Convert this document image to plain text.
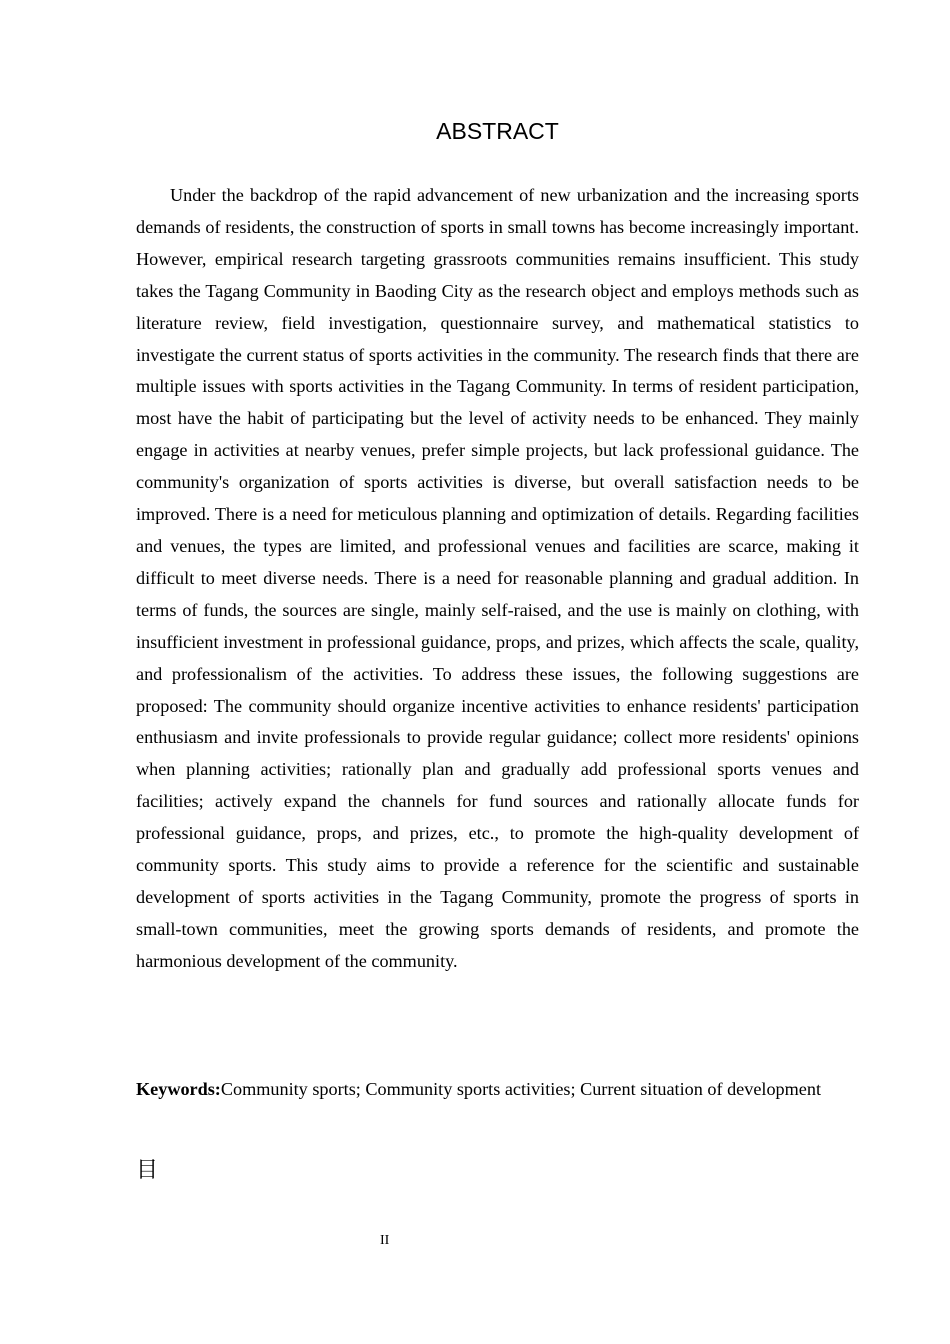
ABSTRACT

Under the backdrop of the rapid advancement of new urbanization and the increasing sports demands of residents, the construction of sports in small towns has become increasingly important. However, empirical research targeting grassroots communities remains insufficient. This study takes the Tagang Community in Baoding City as the research object and employs methods such as literature review, field investigation, questionnaire survey, and mathematical statistics to investigate the current status of sports activities in the community. The research finds that there are multiple issues with sports activities in the Tagang Community. In terms of resident participation, most have the habit of participating but the level of activity needs to be enhanced. They mainly engage in activities at nearby venues, prefer simple projects, but lack professional guidance. The community's organization of sports activities is diverse, but overall satisfaction needs to be improved. There is a need for meticulous planning and optimization of details. Regarding facilities and venues, the types are limited, and professional venues and facilities are scarce, making it difficult to meet diverse needs. There is a need for reasonable planning and gradual addition. In terms of funds, the sources are single, mainly self-raised, and the use is mainly on clothing, with insufficient investment in professional guidance, props, and prizes, which affects the scale, quality, and professionalism of the activities. To address these issues, the following suggestions are proposed: The community should organize incentive activities to enhance residents' participation enthusiasm and invite professionals to provide regular guidance; collect more residents' opinions when planning activities; rationally plan and gradually add professional sports venues and facilities; actively expand the channels for fund sources and rationally allocate funds for professional guidance, props, and prizes, etc., to promote the high-quality development of community sports. This study aims to provide a reference for the scientific and sustainable development of sports activities in the Tagang Community, promote the progress of sports in small-town communities, meet the growing sports demands of residents, and promote the harmonious development of the community.

Keywords:Community sports; Community sports activities; Current situation of development

目
II
